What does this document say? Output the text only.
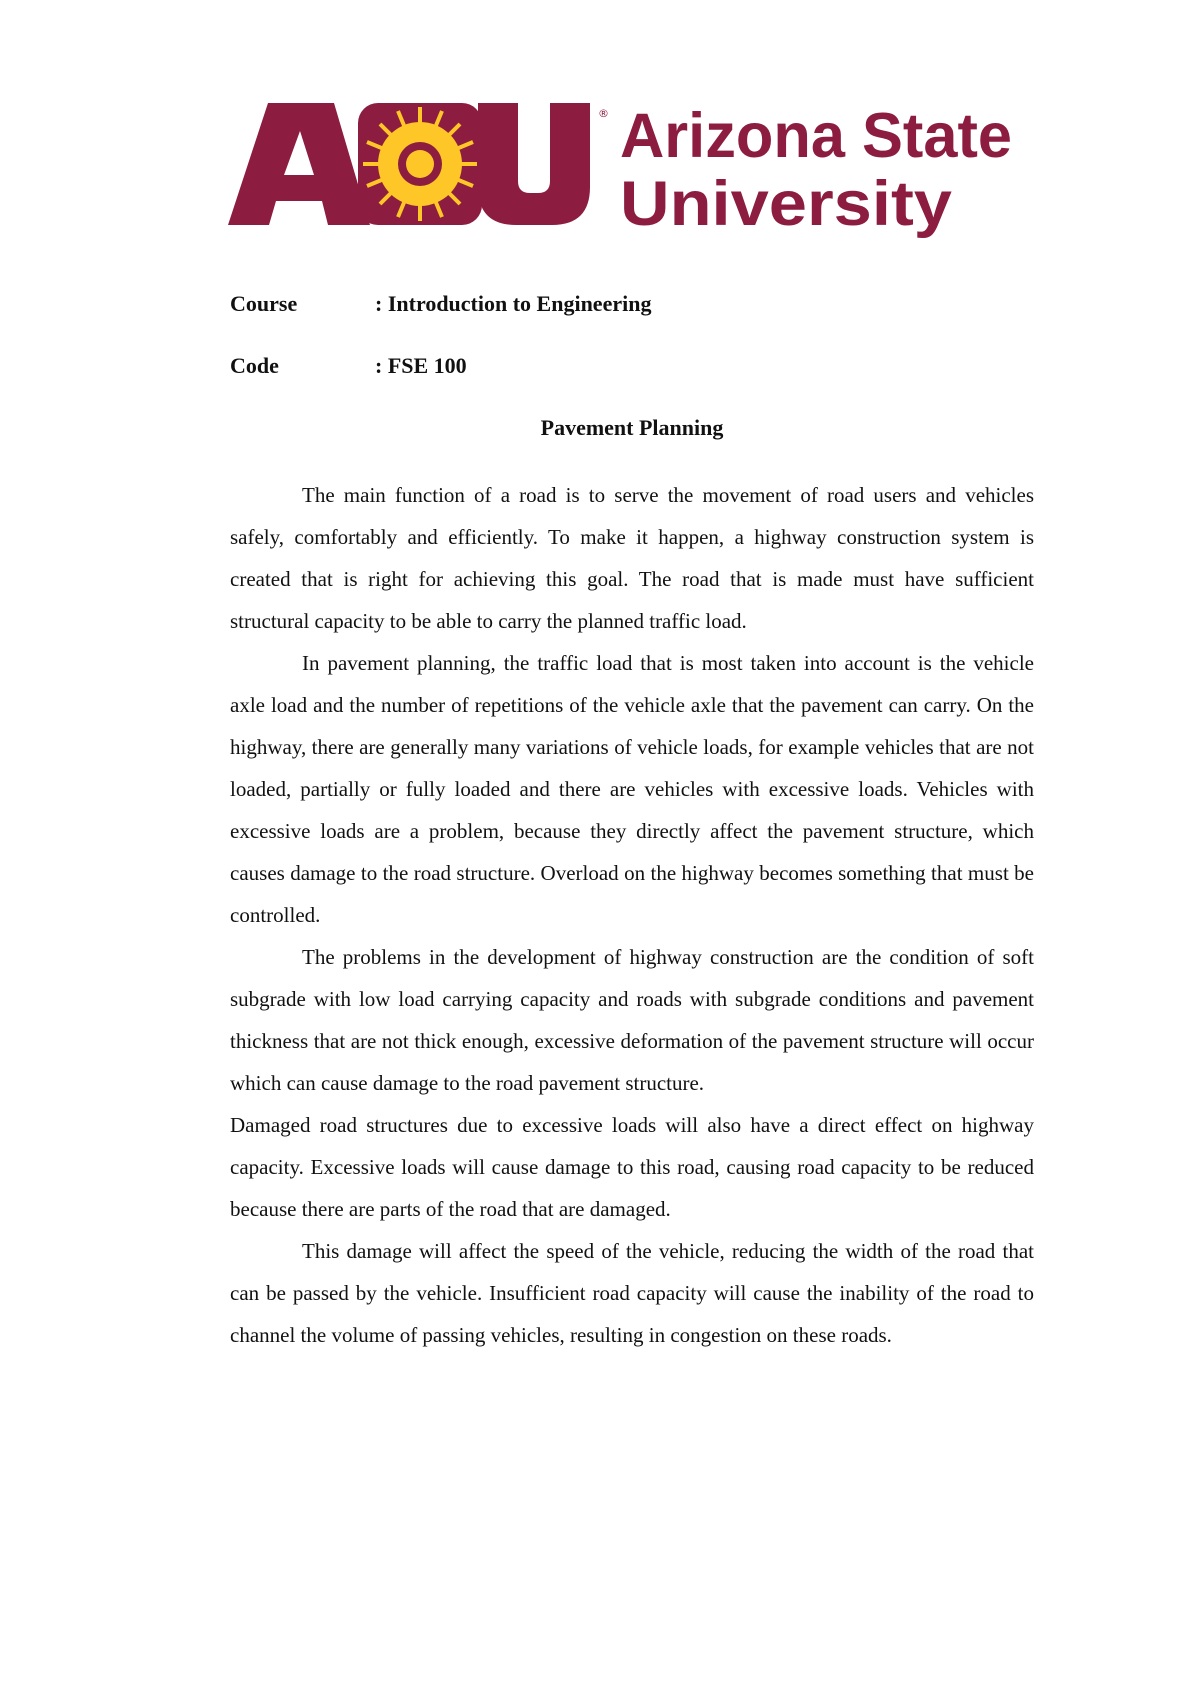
® Arizona State
University
Course	: Introduction to Engineering
Code	: FSE 100
Pavement Planning

The main function of a road is to serve the movement of road users and vehicles safely, comfortably and efficiently. To make it happen, a highway construction system is created that is right for achieving this goal. The road that is made must have sufficient structural capacity to be able to carry the planned traffic load.

In pavement planning, the traffic load that is most taken into account is the vehicle axle load and the number of repetitions of the vehicle axle that the pavement can carry. On the highway, there are generally many variations of vehicle loads, for example vehicles that are not loaded, partially or fully loaded and there are vehicles with excessive loads. Vehicles with excessive loads are a problem, because they directly affect the pavement structure, which causes damage to the road structure. Overload on the highway becomes something that must be controlled.

The problems in the development of highway construction are the condition of soft subgrade with low load carrying capacity and roads with subgrade conditions and pavement thickness that are not thick enough, excessive deformation of the pavement structure will occur which can cause damage to the road pavement structure.

Damaged road structures due to excessive loads will also have a direct effect on highway capacity. Excessive loads will cause damage to this road, causing road capacity to be reduced because there are parts of the road that are damaged.

This damage will affect the speed of the vehicle, reducing the width of the road that can be passed by the vehicle. Insufficient road capacity will cause the inability of the road to channel the volume of passing vehicles, resulting in congestion on these roads.
